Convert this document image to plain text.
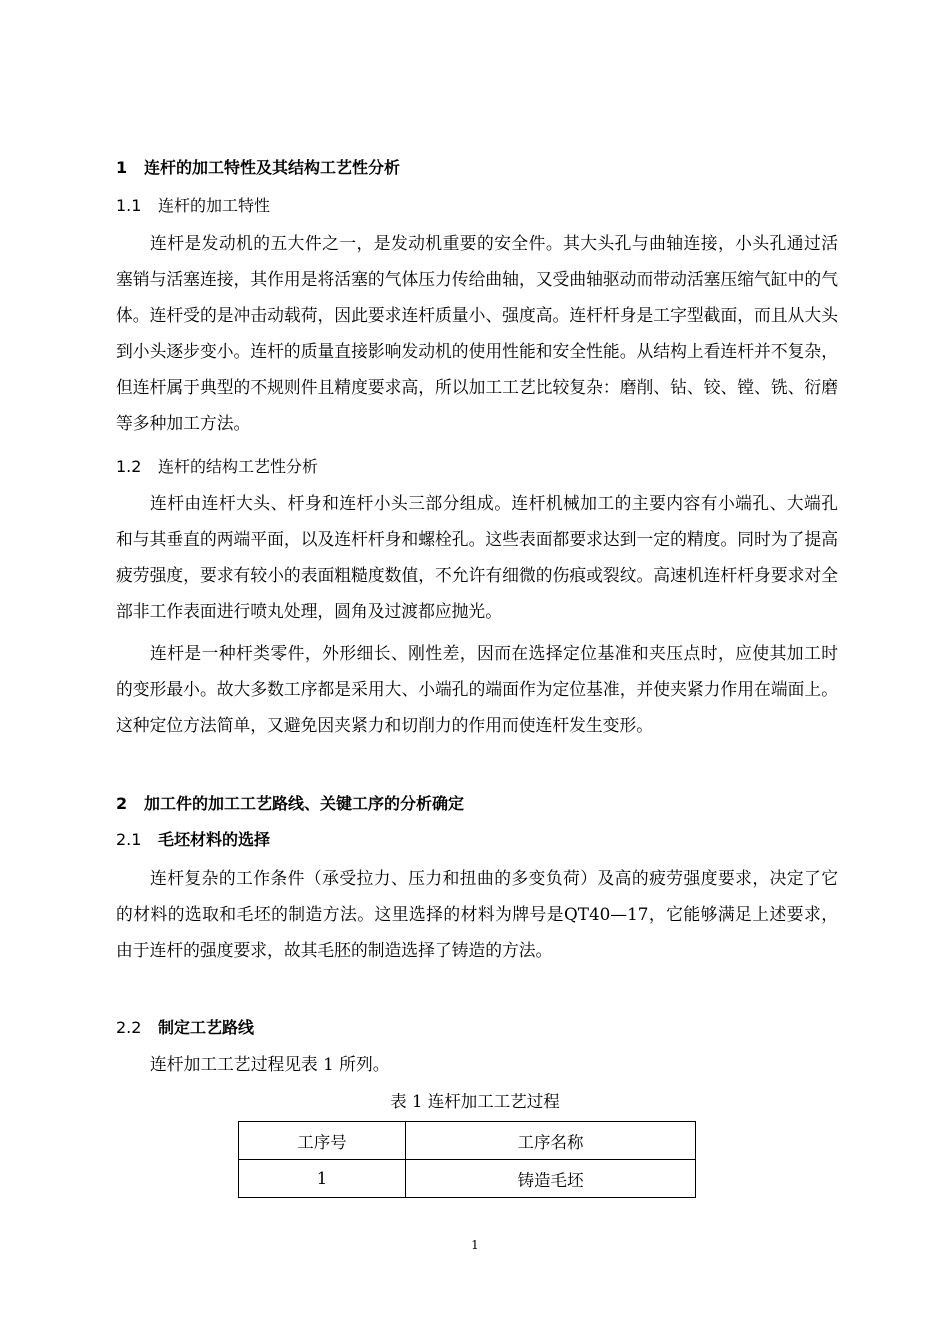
1 连杆的加工特性及其结构工艺性分析
1.1 连杆的加工特性

连杆是发动机的五大件之一，是发动机重要的安全件。其大头孔与曲轴连接，小头孔通过活塞销与活塞连接，其作用是将活塞的气体压力传给曲轴，又受曲轴驱动而带动活塞压缩气缸中的气体。连杆受的是冲击动载荷，因此要求连杆质量小、强度高。连杆杆身是工字型截面，而且从大头到小头逐步变小。连杆的质量直接影响发动机的使用性能和安全性能。从结构上看连杆并不复杂，但连杆属于典型的不规则件且精度要求高，所以加工工艺比较复杂：磨削、钻、铰、镗、铣、衍磨等多种加工方法。

1.2 连杆的结构工艺性分析

连杆由连杆大头、杆身和连杆小头三部分组成。连杆机械加工的主要内容有小端孔、大端孔和与其垂直的两端平面，以及连杆杆身和螺栓孔。这些表面都要求达到一定的精度。同时为了提高疲劳强度，要求有较小的表面粗糙度数值，不允许有细微的伤痕或裂纹。高速机连杆杆身要求对全部非工作表面进行喷丸处理，圆角及过渡都应抛光。

连杆是一种杆类零件，外形细长、刚性差，因而在选择定位基准和夹压点时，应使其加工时的变形最小。故大多数工序都是采用大、小端孔的端面作为定位基准，并使夹紧力作用在端面上。这种定位方法简单，又避免因夹紧力和切削力的作用而使连杆发生变形。

2 加工件的加工工艺路线、关键工序的分析确定
2.1 毛坯材料的选择

连杆复杂的工作条件（承受拉力、压力和扭曲的多变负荷）及高的疲劳强度要求，决定了它的材料的选取和毛坯的制造方法。这里选择的材料为牌号是QT40—17，它能够满足上述要求，由于连杆的强度要求，故其毛胚的制造选择了铸造的方法。

2.2 制定工艺路线

连杆加工工艺过程见表 1 所列。

表 1 连杆加工工艺过程
工序号	工序名称
1	铸造毛坯
1
